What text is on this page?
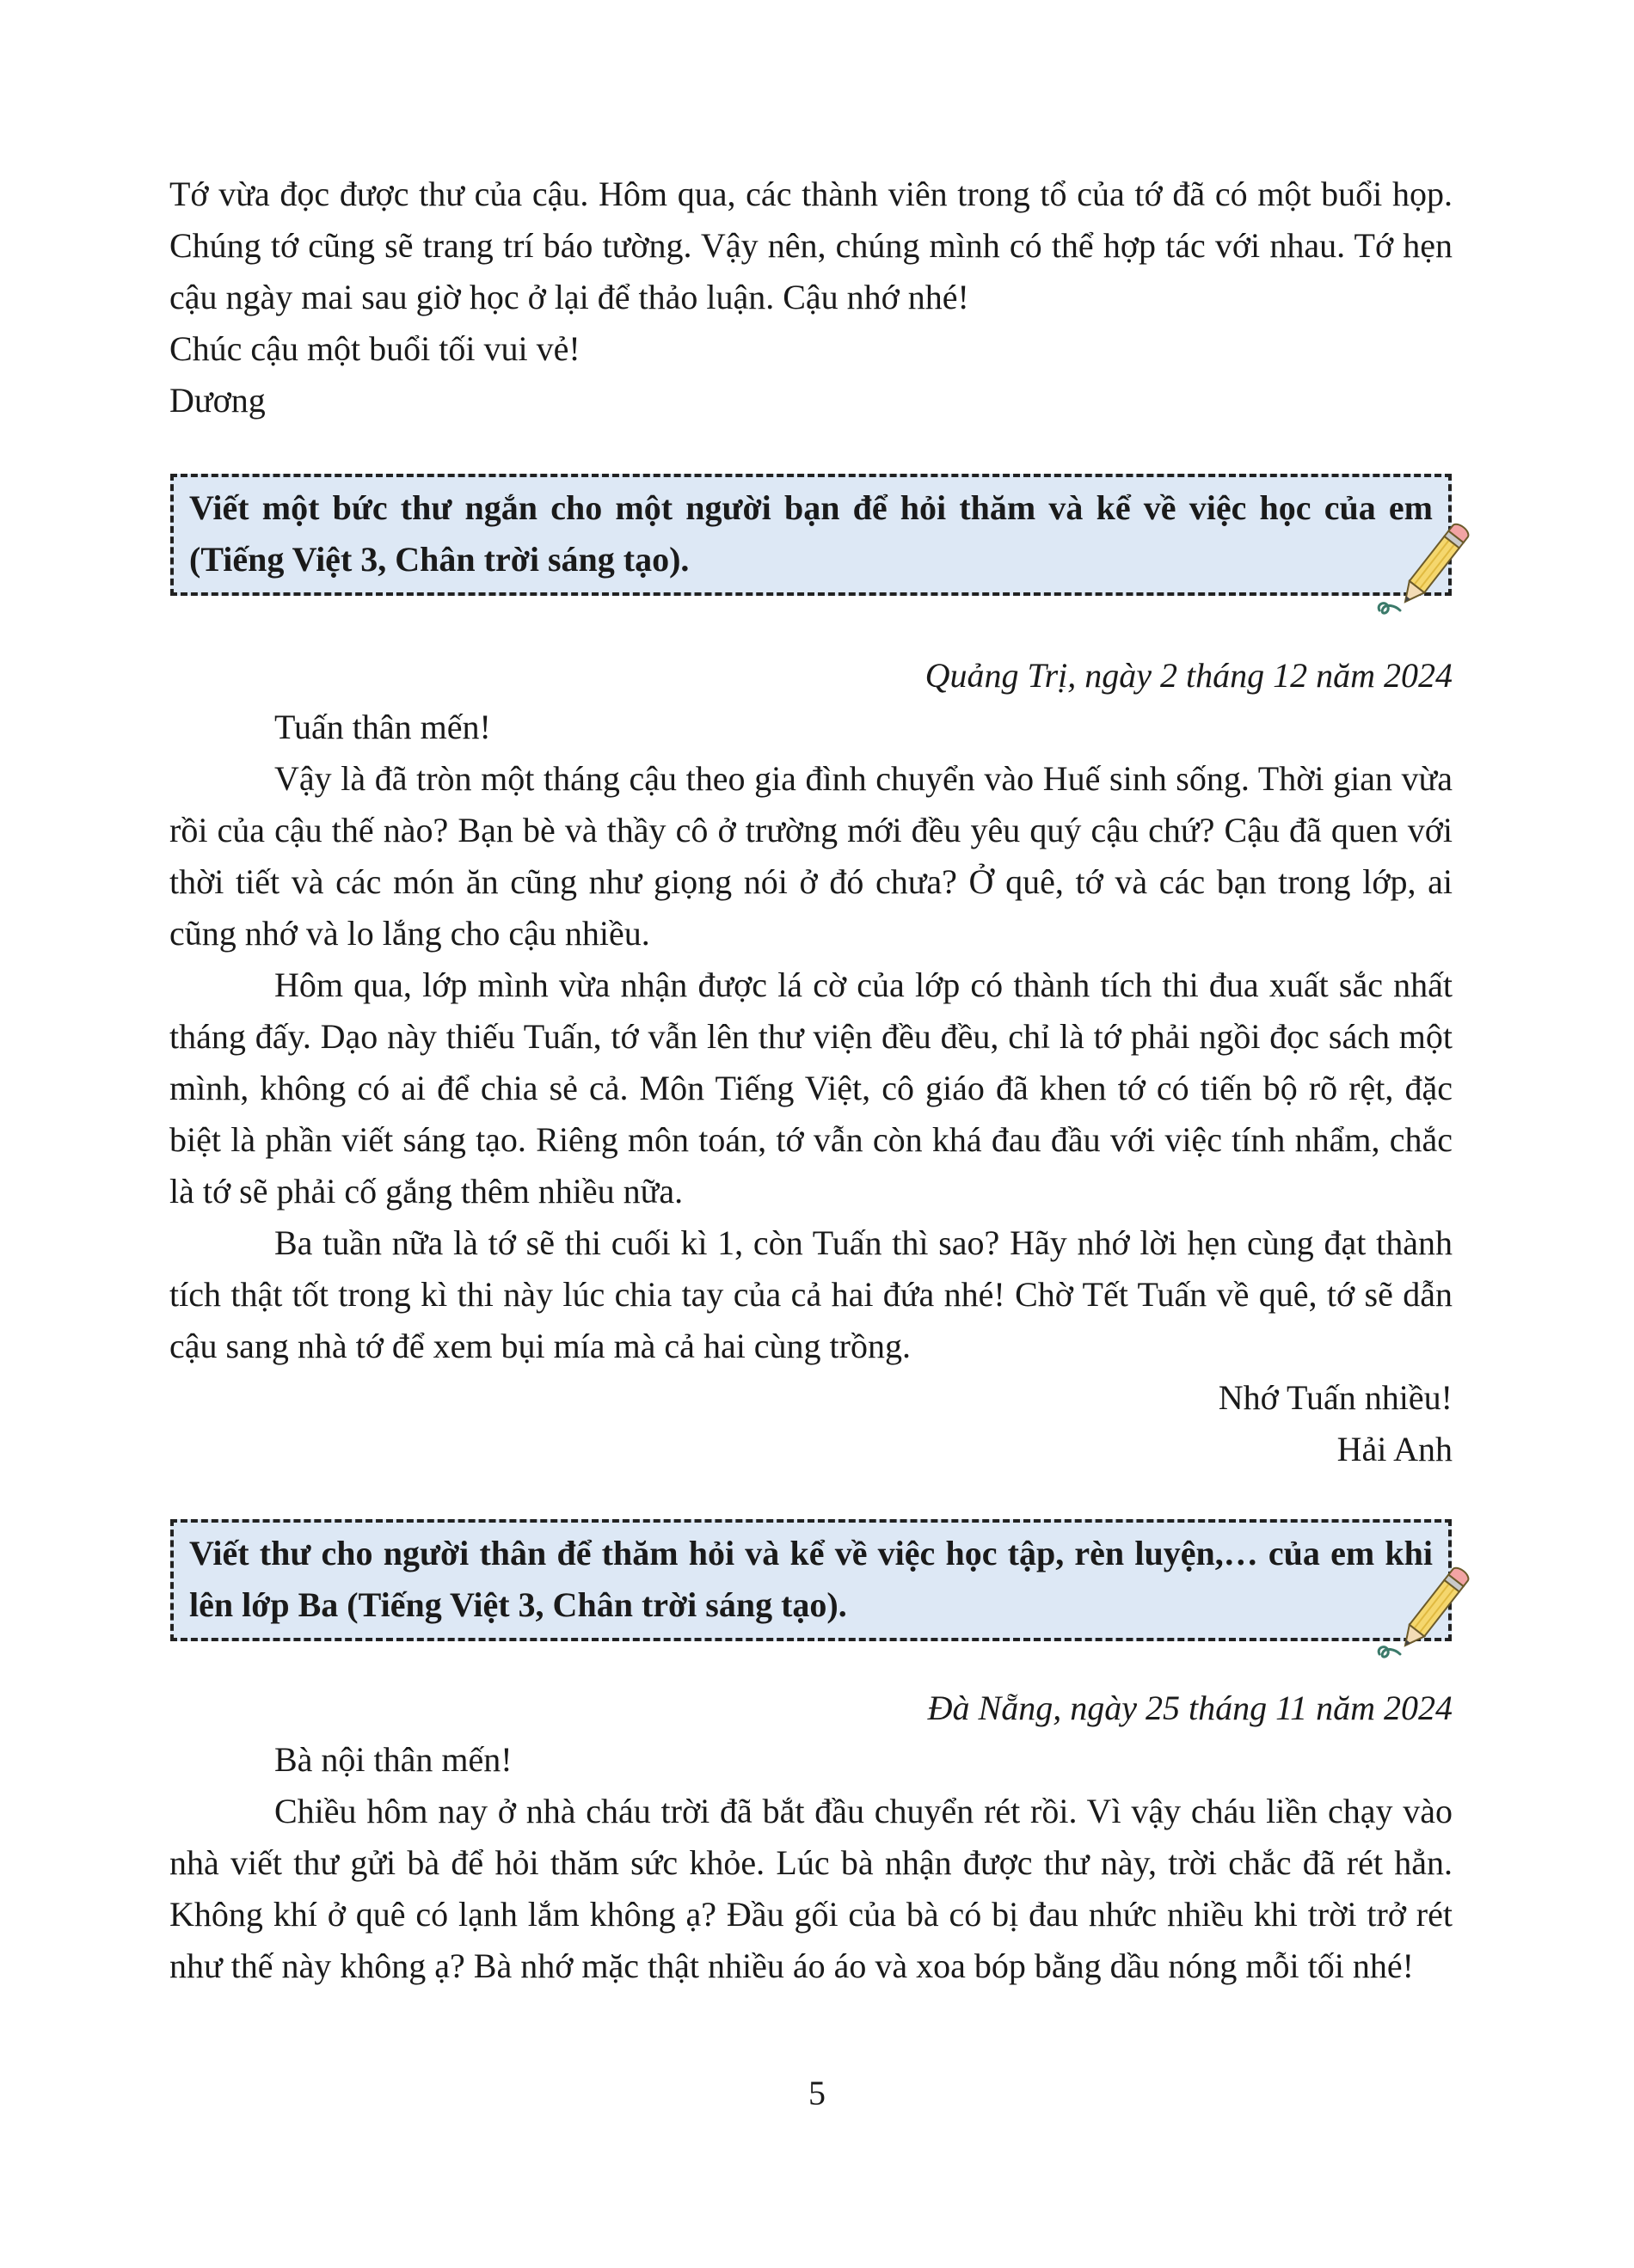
Tớ vừa đọc được thư của cậu. Hôm qua, các thành viên trong tổ của tớ đã có một buổi họp. Chúng tớ cũng sẽ trang trí báo tường. Vậy nên, chúng mình có thể hợp tác với nhau. Tớ hẹn cậu ngày mai sau giờ học ở lại để thảo luận. Cậu nhớ nhé!

Chúc cậu một buổi tối vui vẻ!

Dương

Viết một bức thư ngắn cho một người bạn để hỏi thăm và kể về việc học của em (Tiếng Việt 3, Chân trời sáng tạo).

Quảng Trị, ngày 2 tháng 12 năm 2024

Tuấn thân mến!

Vậy là đã tròn một tháng cậu theo gia đình chuyển vào Huế sinh sống. Thời gian vừa rồi của cậu thế nào? Bạn bè và thầy cô ở trường mới đều yêu quý cậu chứ? Cậu đã quen với thời tiết và các món ăn cũng như giọng nói ở đó chưa? Ở quê, tớ và các bạn trong lớp, ai cũng nhớ và lo lắng cho cậu nhiều.

Hôm qua, lớp mình vừa nhận được lá cờ của lớp có thành tích thi đua xuất sắc nhất tháng đấy. Dạo này thiếu Tuấn, tớ vẫn lên thư viện đều đều, chỉ là tớ phải ngồi đọc sách một mình, không có ai để chia sẻ cả. Môn Tiếng Việt, cô giáo đã khen tớ có tiến bộ rõ rệt, đặc biệt là phần viết sáng tạo. Riêng môn toán, tớ vẫn còn khá đau đầu với việc tính nhẩm, chắc là tớ sẽ phải cố gắng thêm nhiều nữa.

Ba tuần nữa là tớ sẽ thi cuối kì 1, còn Tuấn thì sao? Hãy nhớ lời hẹn cùng đạt thành tích thật tốt trong kì thi này lúc chia tay của cả hai đứa nhé! Chờ Tết Tuấn về quê, tớ sẽ dẫn cậu sang nhà tớ để xem bụi mía mà cả hai cùng trồng.

Nhớ Tuấn nhiều!

Hải Anh

Viết thư cho người thân để thăm hỏi và kể về việc học tập, rèn luyện,… của em khi lên lớp Ba (Tiếng Việt 3, Chân trời sáng tạo).

Đà Nẵng, ngày 25 tháng 11 năm 2024

Bà nội thân mến!

Chiều hôm nay ở nhà cháu trời đã bắt đầu chuyển rét rồi. Vì vậy cháu liền chạy vào nhà viết thư gửi bà để hỏi thăm sức khỏe. Lúc bà nhận được thư này, trời chắc đã rét hẳn. Không khí ở quê có lạnh lắm không ạ? Đầu gối của bà có bị đau nhức nhiều khi trời trở rét như thế này không ạ? Bà nhớ mặc thật nhiều áo áo và xoa bóp bằng dầu nóng mỗi tối nhé!

5
